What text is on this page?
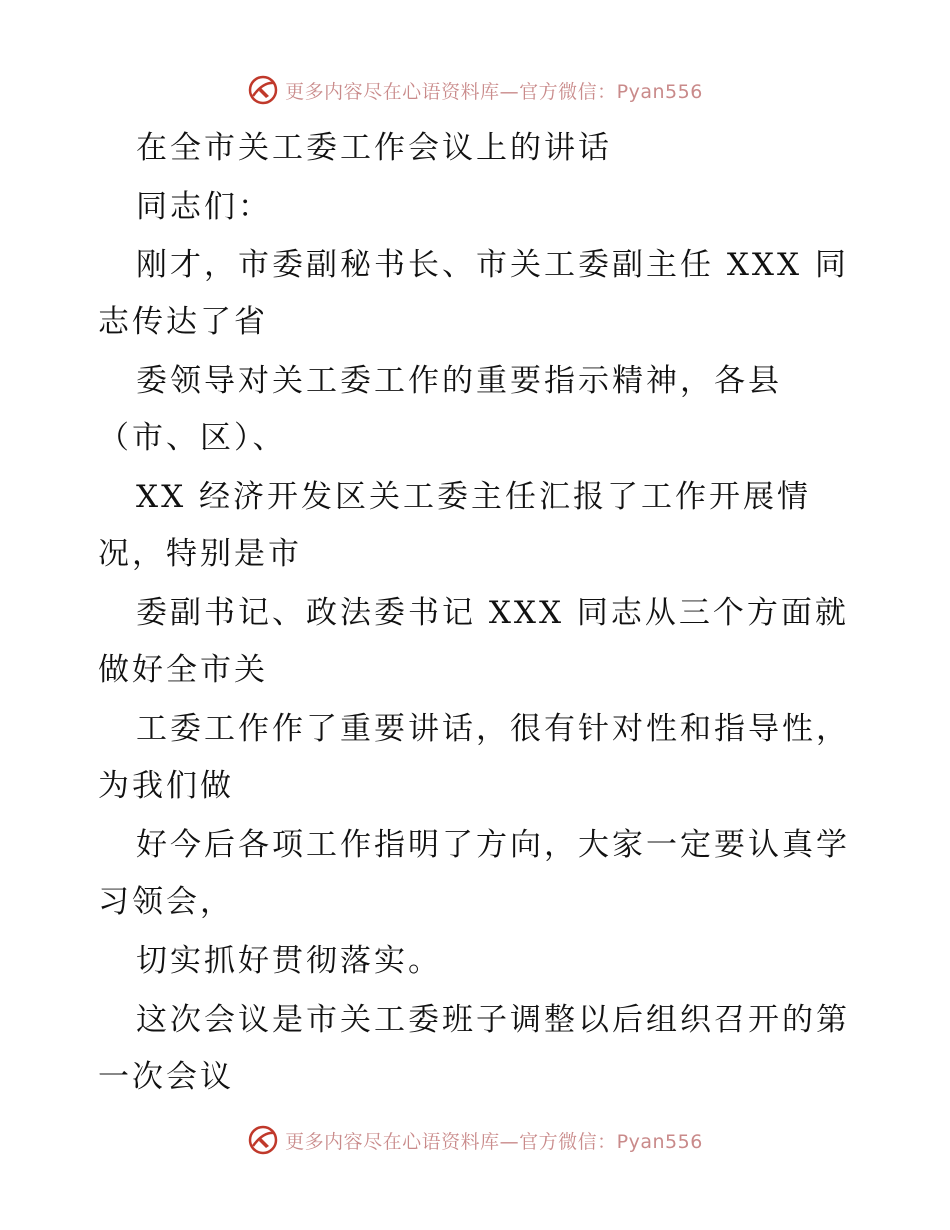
更多内容尽在心语资料库—官方微信：Pyan556
在全市关工委工作会议上的讲话
同志们：
刚才，市委副秘书长、市关工委副主任 XXX 同
志传达了省
委领导对关工委工作的重要指示精神，各县
（市、区）、
XX 经济开发区关工委主任汇报了工作开展情
况，特别是市
委副书记、政法委书记 XXX 同志从三个方面就
做好全市关
工委工作作了重要讲话，很有针对性和指导性，
为我们做
好今后各项工作指明了方向，大家一定要认真学
习领会，
切实抓好贯彻落实。
这次会议是市关工委班子调整以后组织召开的第
一次会议
更多内容尽在心语资料库—官方微信：Pyan556
